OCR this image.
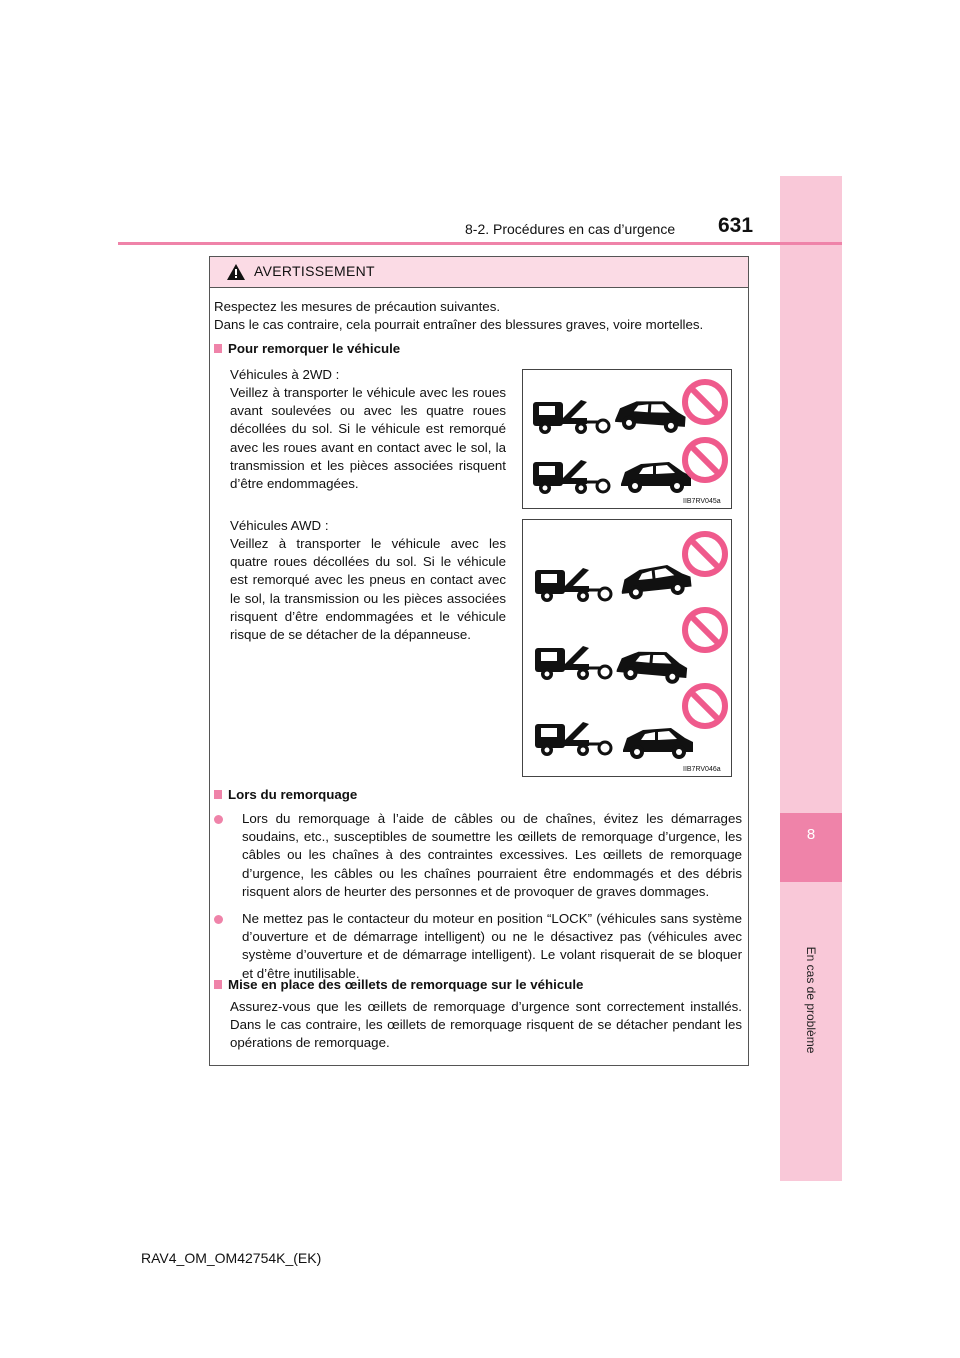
8
En cas de problème
8-2. Procédures en cas d’urgence 631
AVERTISSEMENT
Respectez les mesures de précaution suivantes.
Dans le cas contraire, cela pourrait entraîner des blessures graves, voire mortelles.
Pour remorquer le véhicule
Véhicules à 2WD :
Veillez à transporter le véhicule avec les roues avant soulevées ou avec les quatre roues décollées du sol. Si le véhicule est remorqué avec les roues avant en contact avec le sol, la transmission et les pièces associées risquent d’être endommagées.
IIB7RV045a
Véhicules AWD :
Veillez à transporter le véhicule avec les quatre roues décollées du sol. Si le véhicule est remorqué avec les pneus en contact avec le sol, la transmission ou les pièces associées risquent d’être endommagées et le véhicule risque de se détacher de la dépanneuse.
IIB7RV046a
Lors du remorquage
Lors du remorquage à l’aide de câbles ou de chaînes, évitez les démarrages soudains, etc., susceptibles de soumettre les œillets de remorquage d’urgence, les câbles ou les chaînes à des contraintes excessives. Les œillets de remorquage d’urgence, les câbles ou les chaînes pourraient être endommagés et des débris risquent alors de heurter des personnes et de provoquer de graves dommages.
Ne mettez pas le contacteur du moteur en position “LOCK” (véhicules sans système d’ouverture et de démarrage intelligent) ou ne le désactivez pas (véhicules avec système d’ouverture et de démarrage intelligent). Le volant risquerait de se bloquer et d’être inutilisable.
Mise en place des œillets de remorquage sur le véhicule
Assurez-vous que les œillets de remorquage d’urgence sont correctement installés. Dans le cas contraire, les œillets de remorquage risquent de se détacher pendant les opérations de remorquage.
RAV4_OM_OM42754K_(EK)
